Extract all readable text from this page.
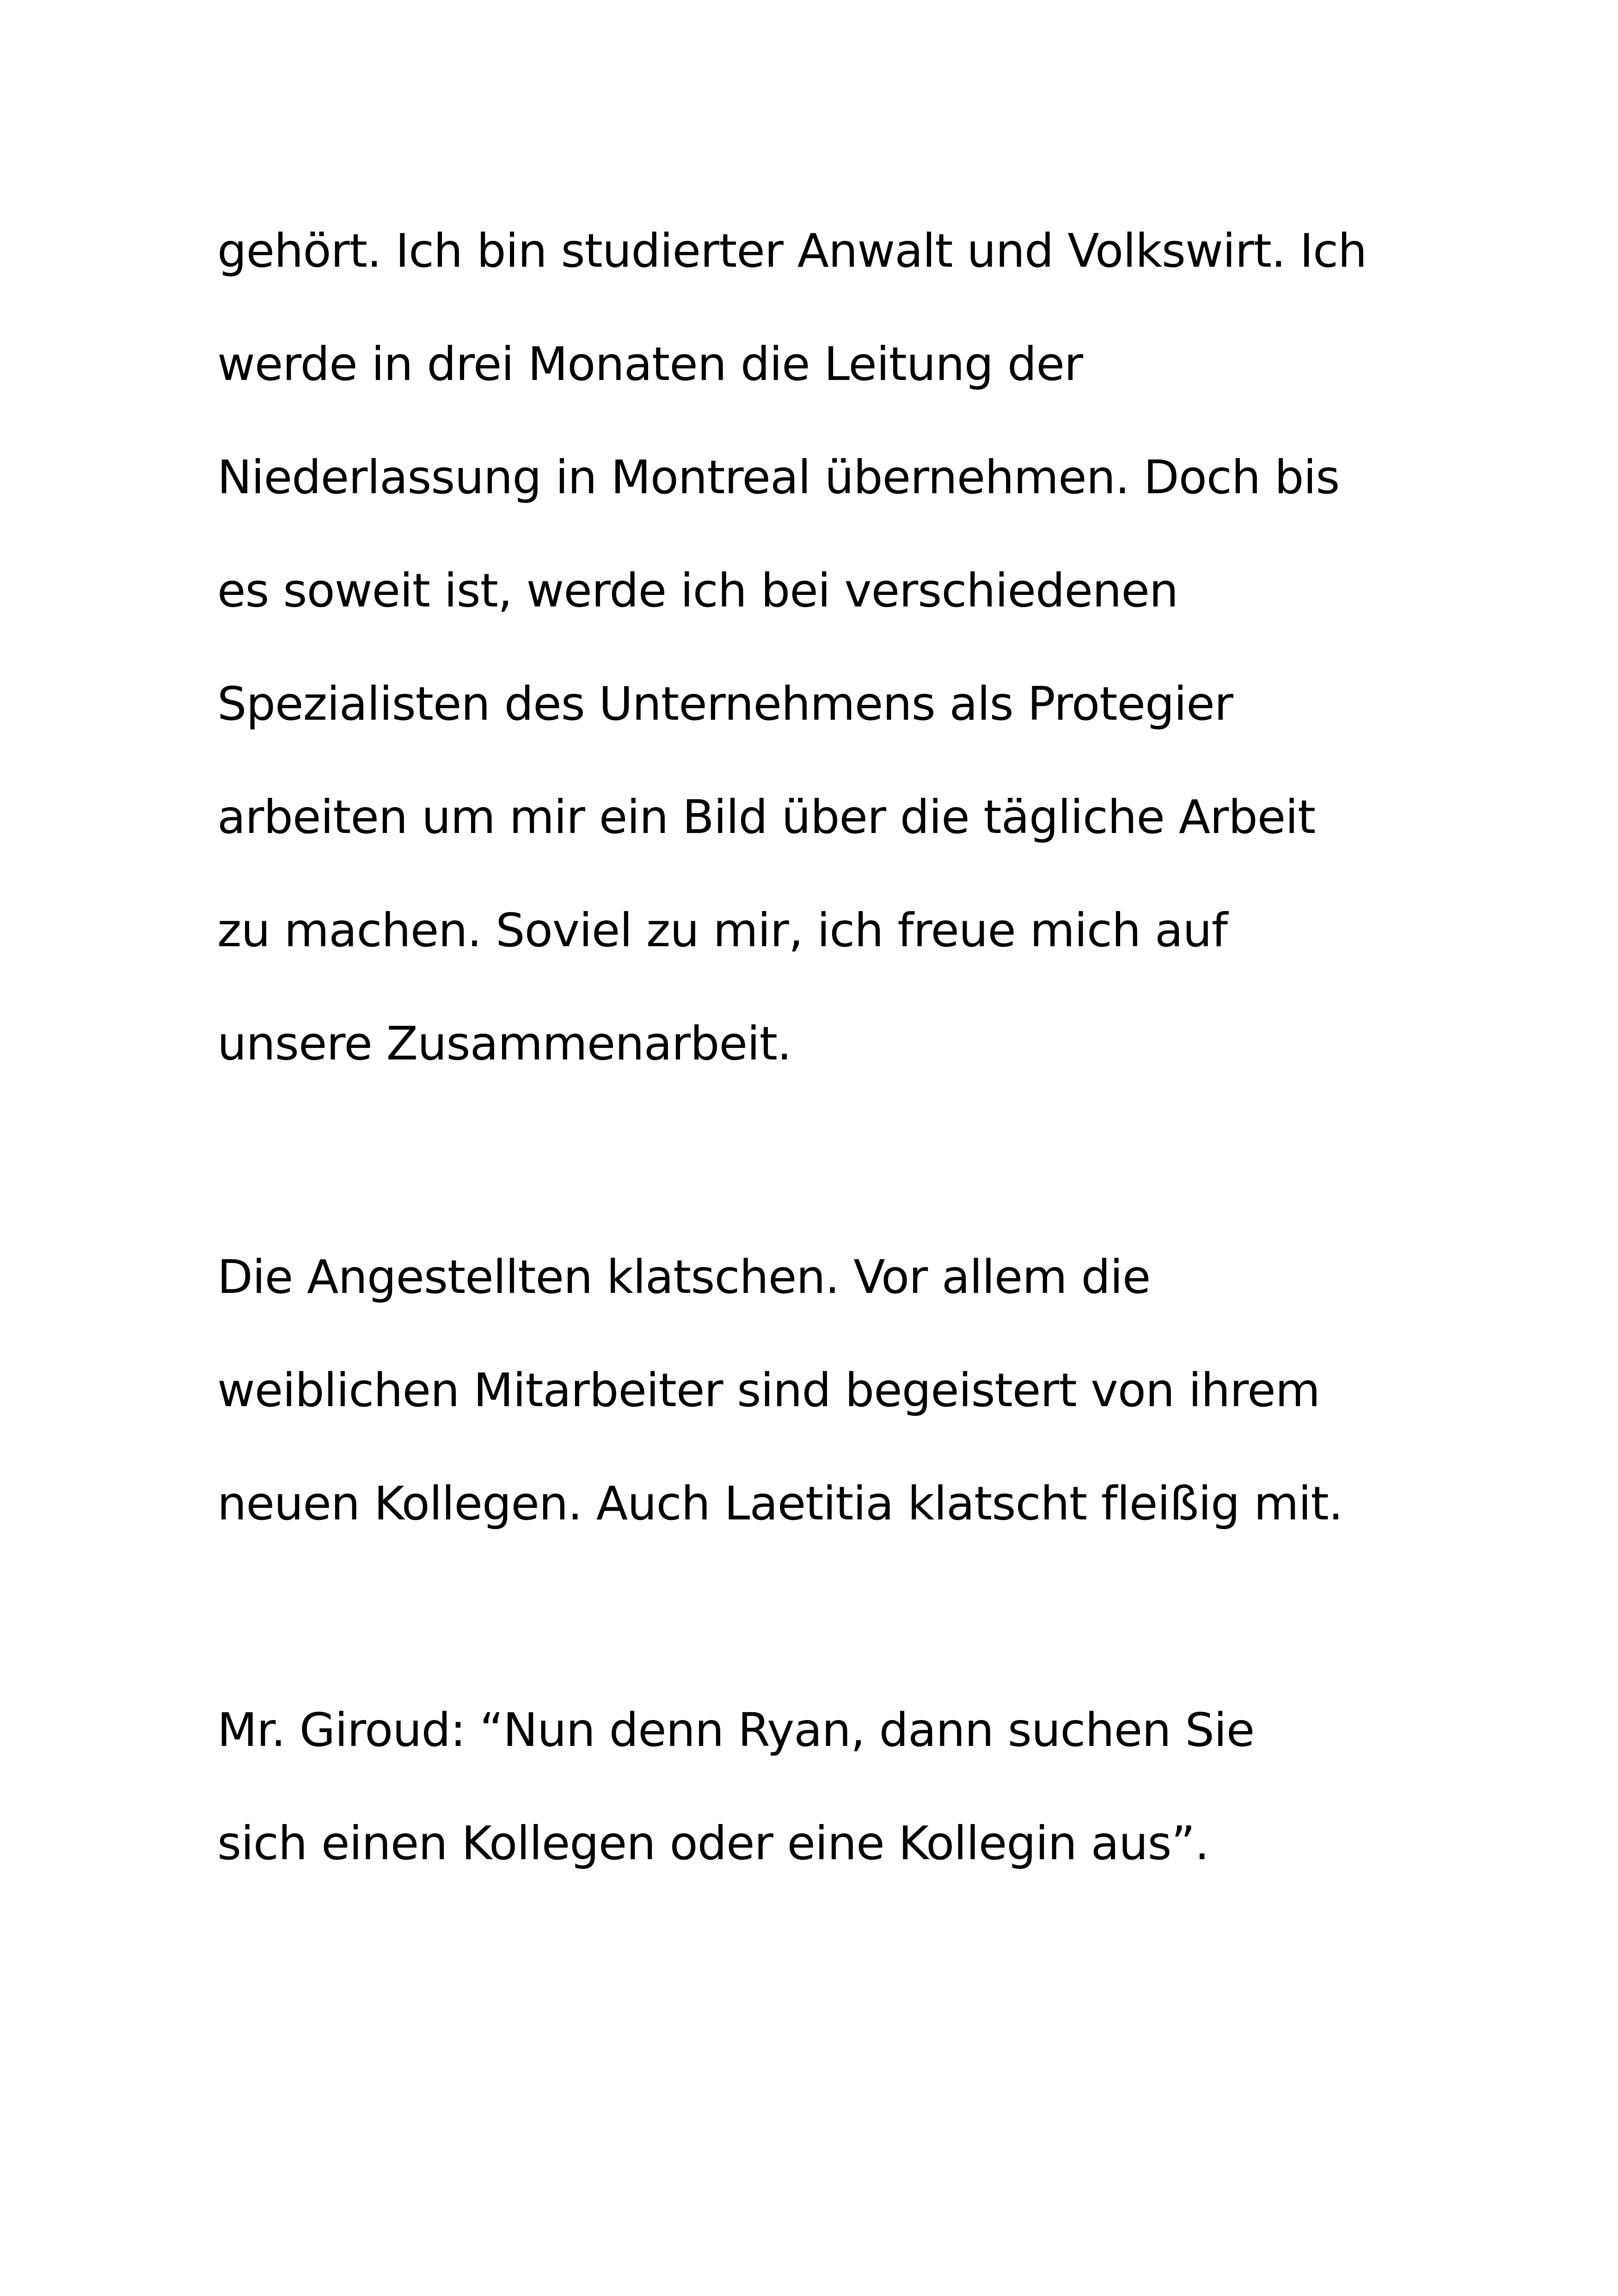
gehört. Ich bin studierter Anwalt und Volkswirt. Ich
werde in drei Monaten die Leitung der
Niederlassung in Montreal übernehmen. Doch bis
es soweit ist, werde ich bei verschiedenen
Spezialisten des Unternehmens als Protegier
arbeiten um mir ein Bild über die tägliche Arbeit
zu machen. Soviel zu mir, ich freue mich auf
unsere Zusammenarbeit.
Die Angestellten klatschen. Vor allem die
weiblichen Mitarbeiter sind begeistert von ihrem
neuen Kollegen. Auch Laetitia klatscht fleißig mit.
Mr. Giroud: “Nun denn Ryan, dann suchen Sie
sich einen Kollegen oder eine Kollegin aus”.
